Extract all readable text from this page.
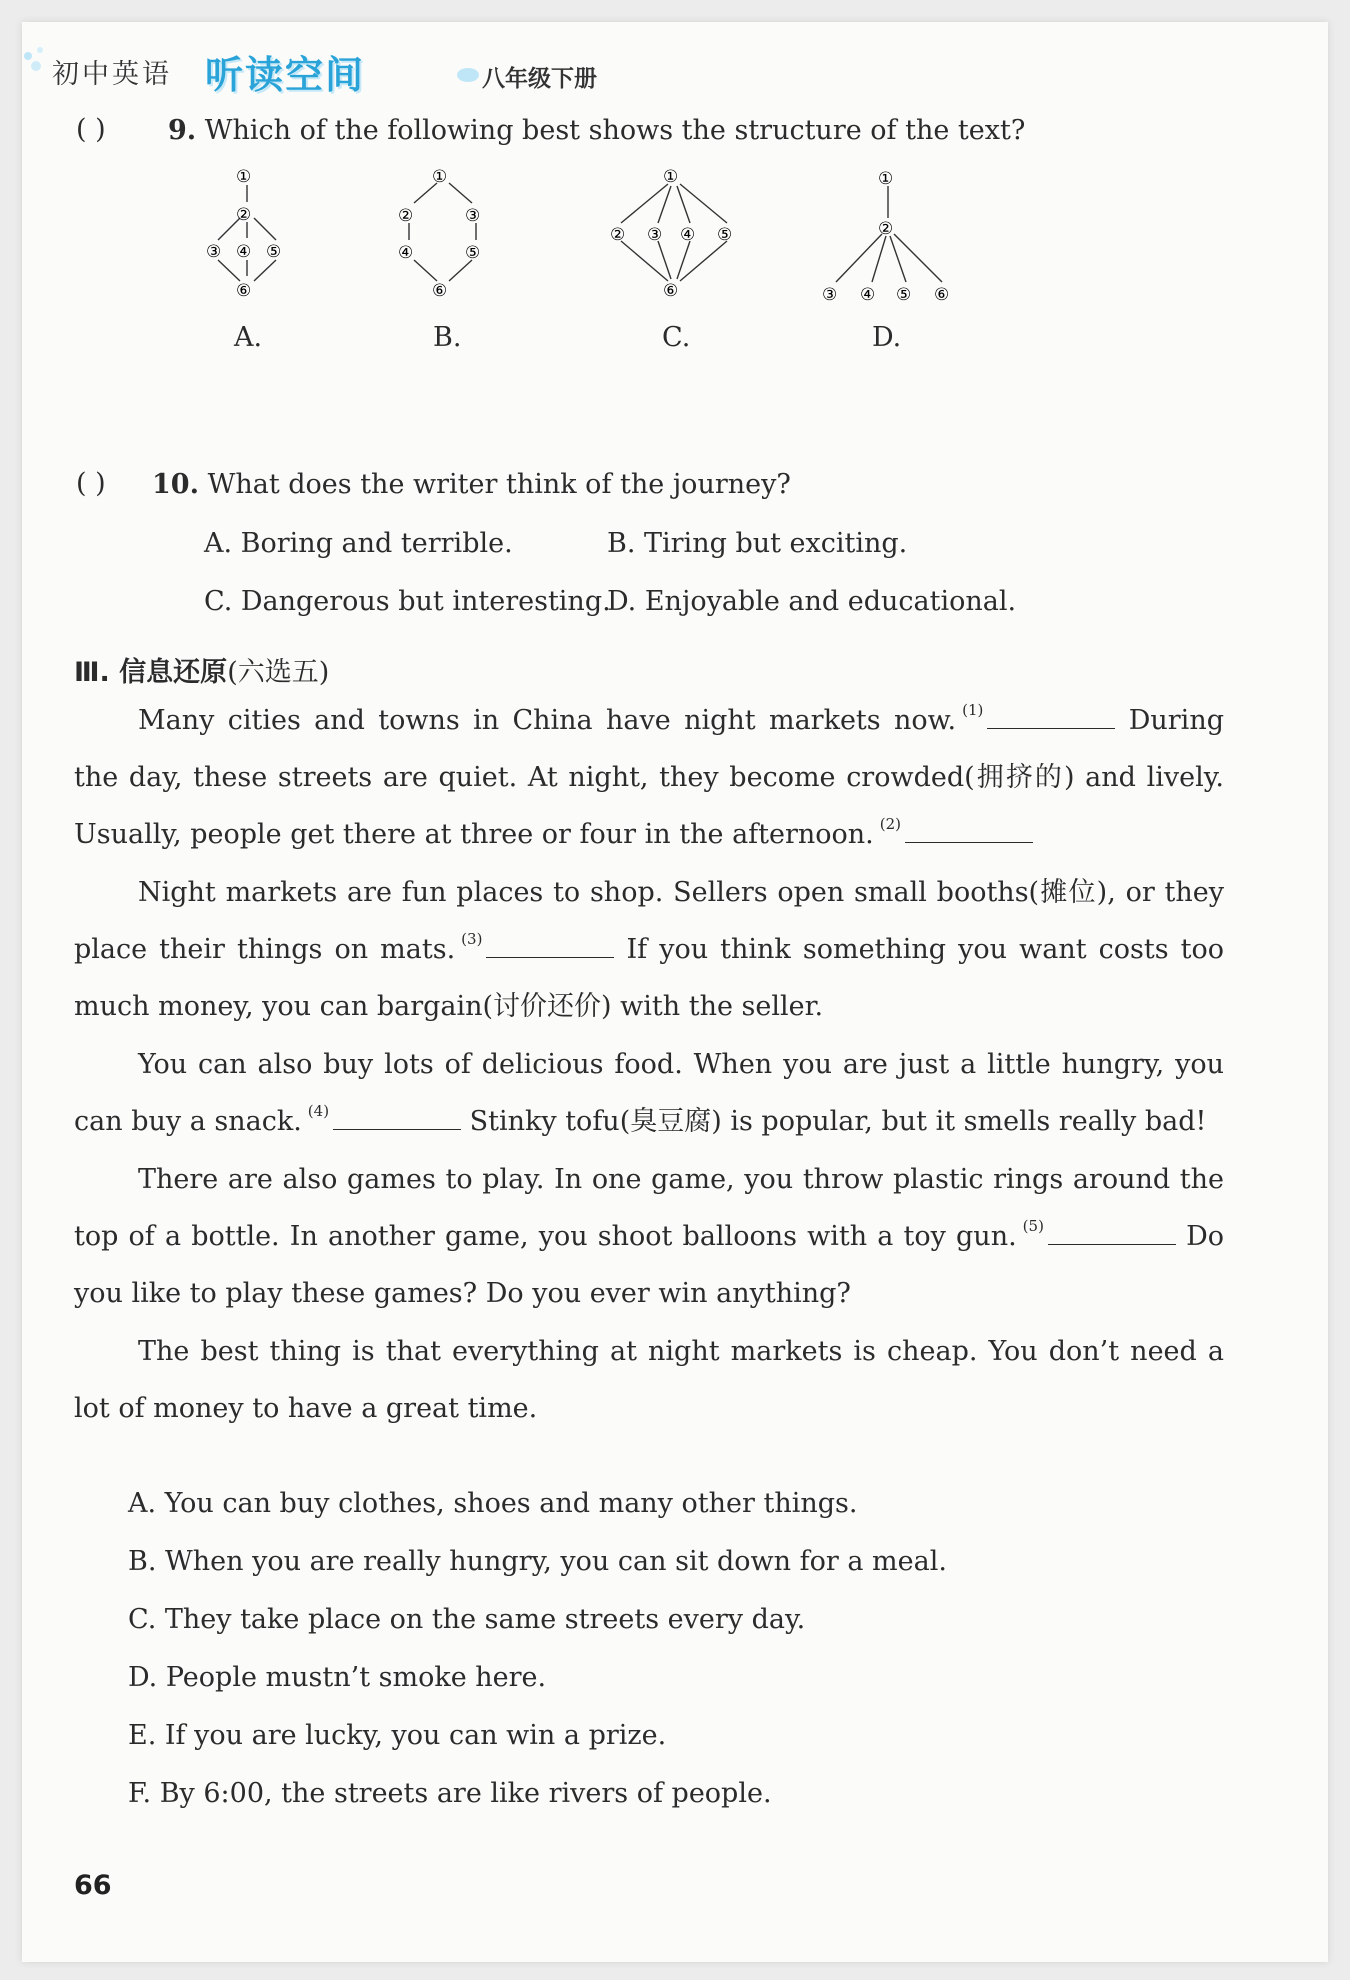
初中英语 听读空间	八年级下册
( ) 9. Which of the following best shows the structure of the text?
①
②
③ ④ ⑤
⑥
A.
①
②	③
④	⑤
⑥
B.
①
② ③ ④ ⑤
⑥
C.
①
②
③ ④ ⑤ ⑥
D.
( ) 10. What does the writer think of the journey?
A. Boring and terrible.	B. Tiring but exciting.
C. Dangerous but interesting.
D. Enjoyable and educational.
Ⅲ. 信息还原(六选五)
Many cities and towns in China have night markets now. $^{(1)}$	During the day, these streets are quiet. At night, they become crowded(拥挤的) and lively. Usually, people get there at three or four in the afternoon. $^{(2)}$
Night markets are fun places to shop. Sellers open small booths(摊位), or they place their things on mats. $^{(3)}$	If you think something you want costs too much money, you can bargain(讨价还价) with the seller.
You can also buy lots of delicious food. When you are just a little hungry, you can buy a snack. $^{(4)}$	Stinky tofu(臭豆腐) is popular, but it smells really bad!
There are also games to play. In one game, you throw plastic rings around the top of a bottle. In another game, you shoot balloons with a toy gun. $^{(5)}$	Do you like to play these games? Do you ever win anything?
The best thing is that everything at night markets is cheap. You don’t need a lot of money to have a great time.
A. You can buy clothes, shoes and many other things.
B. When you are really hungry, you can sit down for a meal.
C. They take place on the same streets every day.
D. People mustn’t smoke here.
E. If you are lucky, you can win a prize.
F. By 6:00, the streets are like rivers of people.
66
